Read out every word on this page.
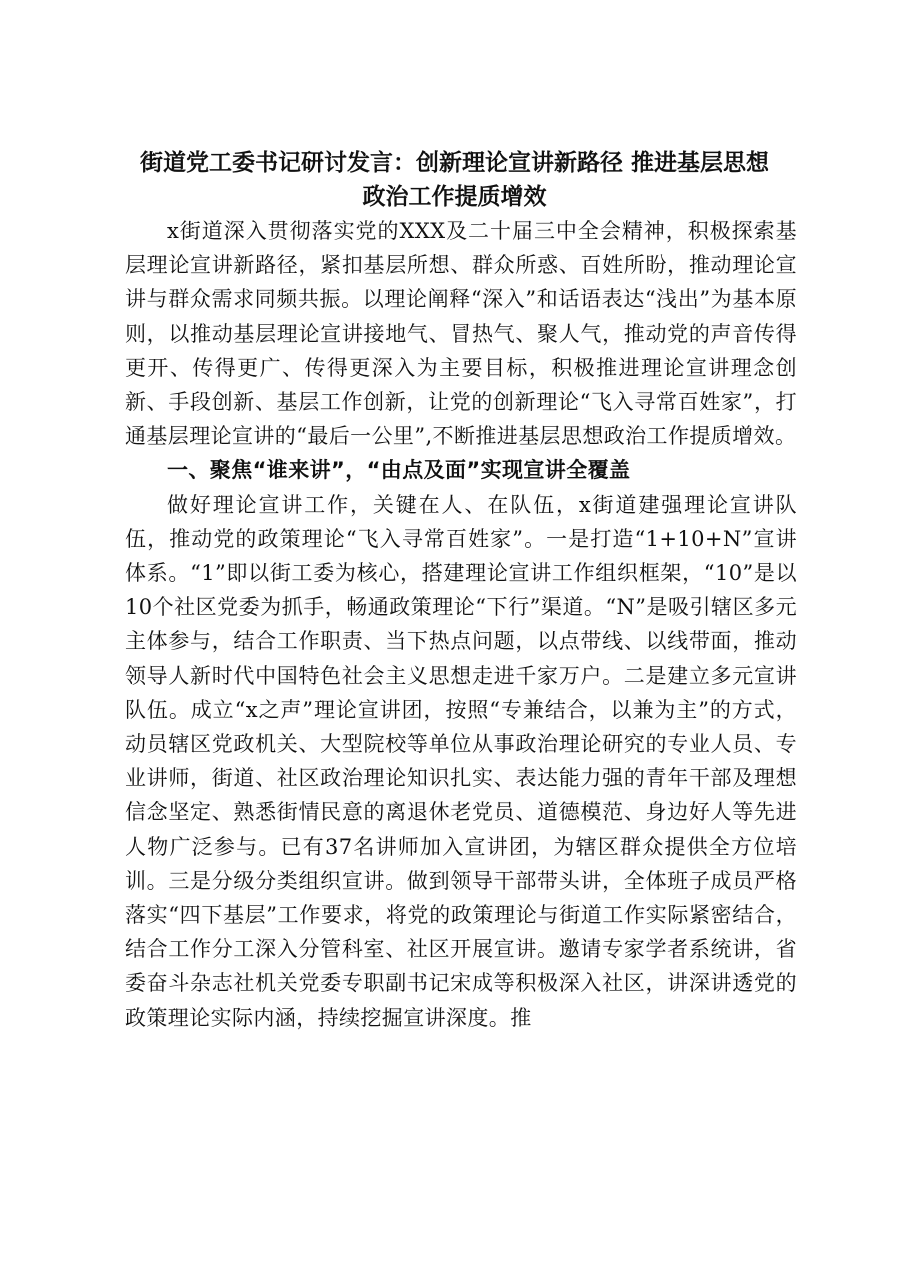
街道党工委书记研讨发言：创新理论宣讲新路径 推进基层思想
政治工作提质增效

x街道深入贯彻落实党的XXX及二十届三中全会精神，积极探索基层理论宣讲新路径，紧扣基层所想、群众所惑、百姓所盼，推动理论宣讲与群众需求同频共振。以理论阐释“深入”和话语表达“浅出”为基本原则，以推动基层理论宣讲接地气、冒热气、聚人气，推动党的声音传得更开、传得更广、传得更深入为主要目标，积极推进理论宣讲理念创新、手段创新、基层工作创新，让党的创新理论“飞入寻常百姓家”，打通基层理论宣讲的“最后一公里”,不断推进基层思想政治工作提质增效。

一、聚焦“谁来讲”，“由点及面”实现宣讲全覆盖

做好理论宣讲工作，关键在人、在队伍，x街道建强理论宣讲队伍，推动党的政策理论“飞入寻常百姓家”。一是打造“1+10+N”宣讲体系。“1”即以街工委为核心，搭建理论宣讲工作组织框架，“10”是以10个社区党委为抓手，畅通政策理论“下行”渠道。“N”是吸引辖区多元主体参与，结合工作职责、当下热点问题，以点带线、以线带面，推动领导人新时代中国特色社会主义思想走进千家万户。二是建立多元宣讲队伍。成立“x之声”理论宣讲团，按照“专兼结合，以兼为主”的方式，动员辖区党政机关、大型院校等单位从事政治理论研究的专业人员、专业讲师，街道、社区政治理论知识扎实、表达能力强的青年干部及理想信念坚定、熟悉街情民意的离退休老党员、道德模范、身边好人等先进人物广泛参与。已有37名讲师加入宣讲团，为辖区群众提供全方位培训。三是分级分类组织宣讲。做到领导干部带头讲，全体班子成员严格落实“四下基层”工作要求，将党的政策理论与街道工作实际紧密结合，结合工作分工深入分管科室、社区开展宣讲。邀请专家学者系统讲，省委奋斗杂志社机关党委专职副书记宋成等积极深入社区，讲深讲透党的政策理论实际内涵，持续挖掘宣讲深度。推
